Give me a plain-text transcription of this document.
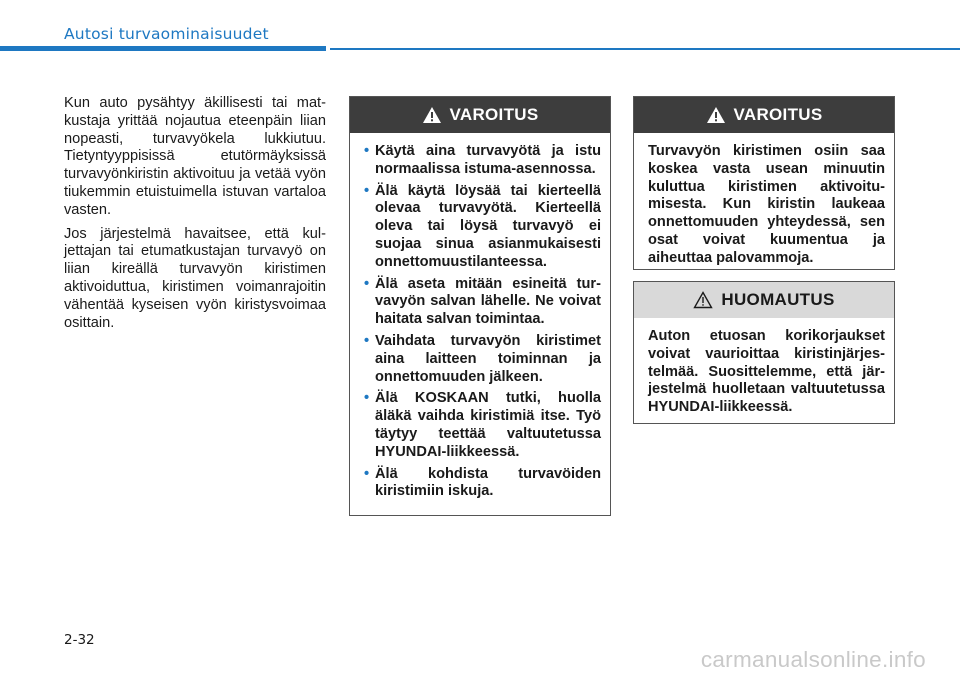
Autosi turvaominaisuudet

Kun auto pysähtyy äkillisesti tai matkustaja yrittää nojautua eteenpäin liian nopeasti, turvavyökela lukkiutuu. Tietyntyyppisissä etutörmäyksissä turvavyönkiristin aktivoituu ja vetää vyön tiukemmin etuistuimella istuvan vartaloa vasten.

Jos järjestelmä havaitsee, että kuljettajan tai etumatkustajan turvavyö on liian kireällä turvavyön kiristimen aktivoiduttua, kiristimen voimanrajoitin vähentää kyseisen vyön kiristysvoimaa osittain.

VAROITUS
• Käytä aina turvavyötä ja istu normaalissa istuma-asennossa.
• Älä käytä löysää tai kierteellä olevaa turvavyötä. Kierteellä oleva tai löysä turvavyö ei suojaa sinua asianmukaisesti onnettomuustilanteessa.
• Älä aseta mitään esineitä turvavyön salvan lähelle. Ne voivat haitata salvan toimintaa.
• Vaihdata turvavyön kiristimet aina laitteen toiminnan ja onnettomuuden jälkeen.
• Älä KOSKAAN tutki, huolla äläkä vaihda kiristimiä itse. Työ täytyy teettää valtuutetussa HYUNDAI-liikkeessä.
• Älä kohdista turvavöiden kiristimiin iskuja.
VAROITUS
Turvavyön kiristimen osiin saa koskea vasta usean minuutin kuluttua kiristimen aktivoitumisesta. Kun kiristin laukeaa onnettomuuden yhteydessä, sen osat voivat kuumentua ja aiheuttaa palovammoja.
HUOMAUTUS
Auton etuosan korikorjaukset voivat vaurioittaa kiristinjärjestelmää. Suosittelemme, että järjestelmä huolletaan valtuutetussa HYUNDAI-liikkeessä.
2-32
carmanualsonline.info
